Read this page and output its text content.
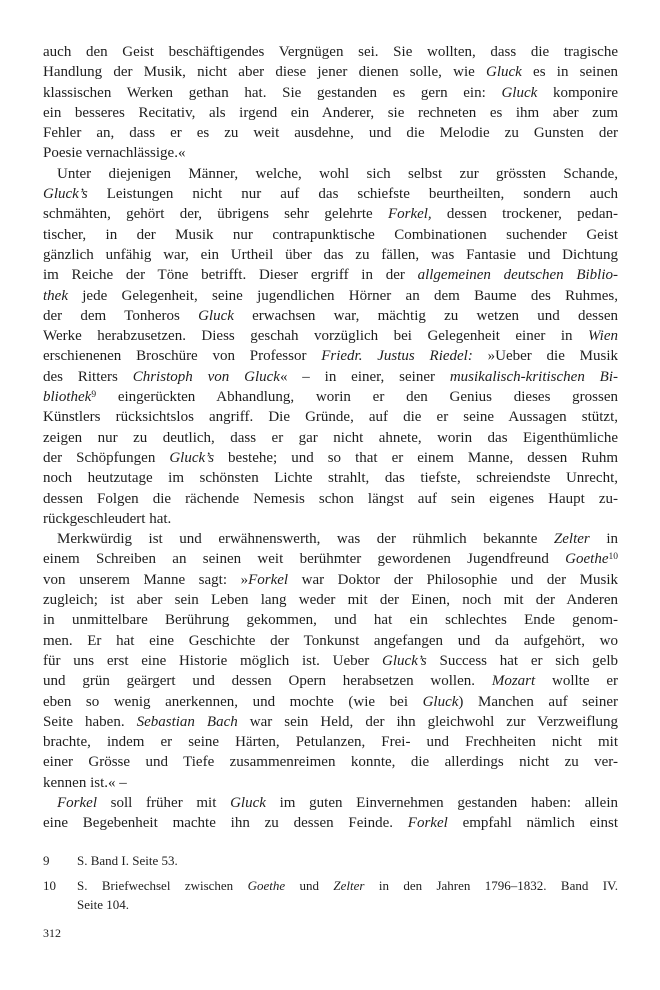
auch den Geist beschäftigendes Vergnügen sei. Sie wollten, dass die tragische
Handlung der Musik, nicht aber diese jener dienen solle, wie Gluck es in seinen
klassischen Werken gethan hat. Sie gestanden es gern ein: Gluck komponire
ein besseres Recitativ, als irgend ein Anderer, sie rechneten es ihm aber zum
Fehler an, dass er es zu weit ausdehne, und die Melodie zu Gunsten der
Poesie vernachlässige.«
Unter diejenigen Männer, welche, wohl sich selbst zur grössten Schande,
Gluck’s Leistungen nicht nur auf das schiefste beurtheilten, sondern auch
schmähten, gehört der, übrigens sehr gelehrte Forkel, dessen trockener, pedan-
tischer, in der Musik nur contrapunktische Combinationen suchender Geist
gänzlich unfähig war, ein Urtheil über das zu fällen, was Fantasie und Dichtung
im Reiche der Töne betrifft. Dieser ergriff in der allgemeinen deutschen Biblio-
thek jede Gelegenheit, seine jugendlichen Hörner an dem Baume des Ruhmes,
der dem Tonheros Gluck erwachsen war, mächtig zu wetzen und dessen
Werke herabzusetzen. Diess geschah vorzüglich bei Gelegenheit einer in Wien
erschienenen Broschüre von Professor Friedr. Justus Riedel: »Ueber die Musik
des Ritters Christoph von Gluck« – in einer, seiner musikalisch-kritischen Bi-
bliothek$^9$ eingerückten Abhandlung, worin er den Genius dieses grossen
Künstlers rücksichtslos angriff. Die Gründe, auf die er seine Aussagen stützt,
zeigen nur zu deutlich, dass er gar nicht ahnete, worin das Eigenthümliche
der Schöpfungen Gluck’s bestehe; und so that er einem Manne, dessen Ruhm
noch heutzutage im schönsten Lichte strahlt, das tiefste, schreiendste Unrecht,
dessen Folgen die rächende Nemesis schon längst auf sein eigenes Haupt zu-
rückgeschleudert hat.
Merkwürdig ist und erwähnenswerth, was der rühmlich bekannte Zelter in
einem Schreiben an seinen weit berühmter gewordenen Jugendfreund Goethe$^{10}$
von unserem Manne sagt: »Forkel war Doktor der Philosophie und der Musik
zugleich; ist aber sein Leben lang weder mit der Einen, noch mit der Anderen
in unmittelbare Berührung gekommen, und hat ein schlechtes Ende genom-
men. Er hat eine Geschichte der Tonkunst angefangen und da aufgehört, wo
für uns erst eine Historie möglich ist. Ueber Gluck’s Success hat er sich gelb
und grün geärgert und dessen Opern herabsetzen wollen. Mozart wollte er
eben so wenig anerkennen, und mochte (wie bei Gluck) Manchen auf seiner
Seite haben. Sebastian Bach war sein Held, der ihn gleichwohl zur Verzweiflung
brachte, indem er seine Härten, Petulanzen, Frei- und Frechheiten nicht mit
einer Grösse und Tiefe zusammenreimen konnte, die allerdings nicht zu ver-
kennen ist.« –
Forkel soll früher mit Gluck im guten Einvernehmen gestanden haben: allein
eine Begebenheit machte ihn zu dessen Feinde. Forkel empfahl nämlich einst
9	S. Band I. Seite 53.
10	S. Briefwechsel zwischen Goethe und Zelter in den Jahren 1796–1832. Band IV.
Seite 104.
312
